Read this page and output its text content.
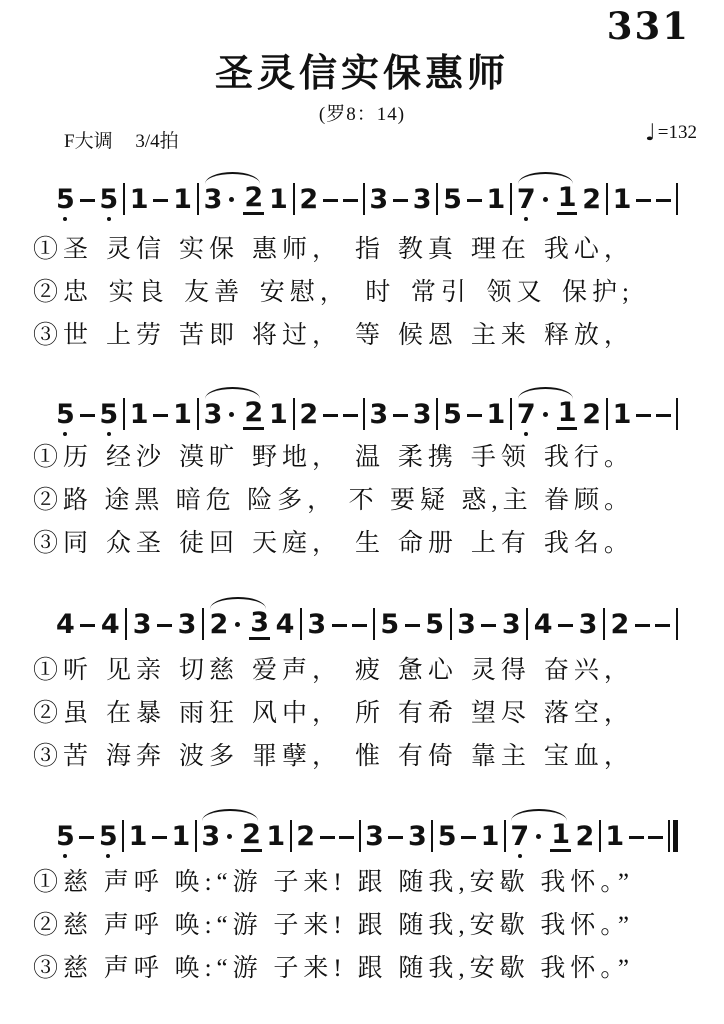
331
圣灵信实保惠师
(罗8：14)
F大调 3/4拍	♩ =132
5 5 1 1 3 2 1 2 3 3 5 1 7 1 2 1
5 5 1 1 3 2 1 2 3 3 5 1 7 1 2 1
4 4 3 3 2 3 4 3 5 5 3 3 4 3 2
5 5 1 1 3 2 1 2 3 3 5 1 7 1 2 1
①圣 灵信 实保 惠师， 指 教真 理在 我心，
②忠 实良 友善 安慰， 时 常引 领又 保护;
③世 上劳 苦即 将过， 等 候恩 主来 释放，
①历 经沙 漠旷 野地， 温 柔携 手领 我行。
②路 途黑 暗危 险多， 不 要疑 惑,主 眷顾。
③同 众圣 徒回 天庭， 生 命册 上有 我名。
①听 见亲 切慈 爱声， 疲 惫心 灵得 奋兴，
②虽 在暴 雨狂 风中， 所 有希 望尽 落空，
③苦 海奔 波多 罪孽， 惟 有倚 靠主 宝血，
①慈 声呼 唤:“游 子来! 跟 随我,安歇 我怀。”
②慈 声呼 唤:“游 子来! 跟 随我,安歇 我怀。”
③慈 声呼 唤:“游 子来! 跟 随我,安歇 我怀。”
